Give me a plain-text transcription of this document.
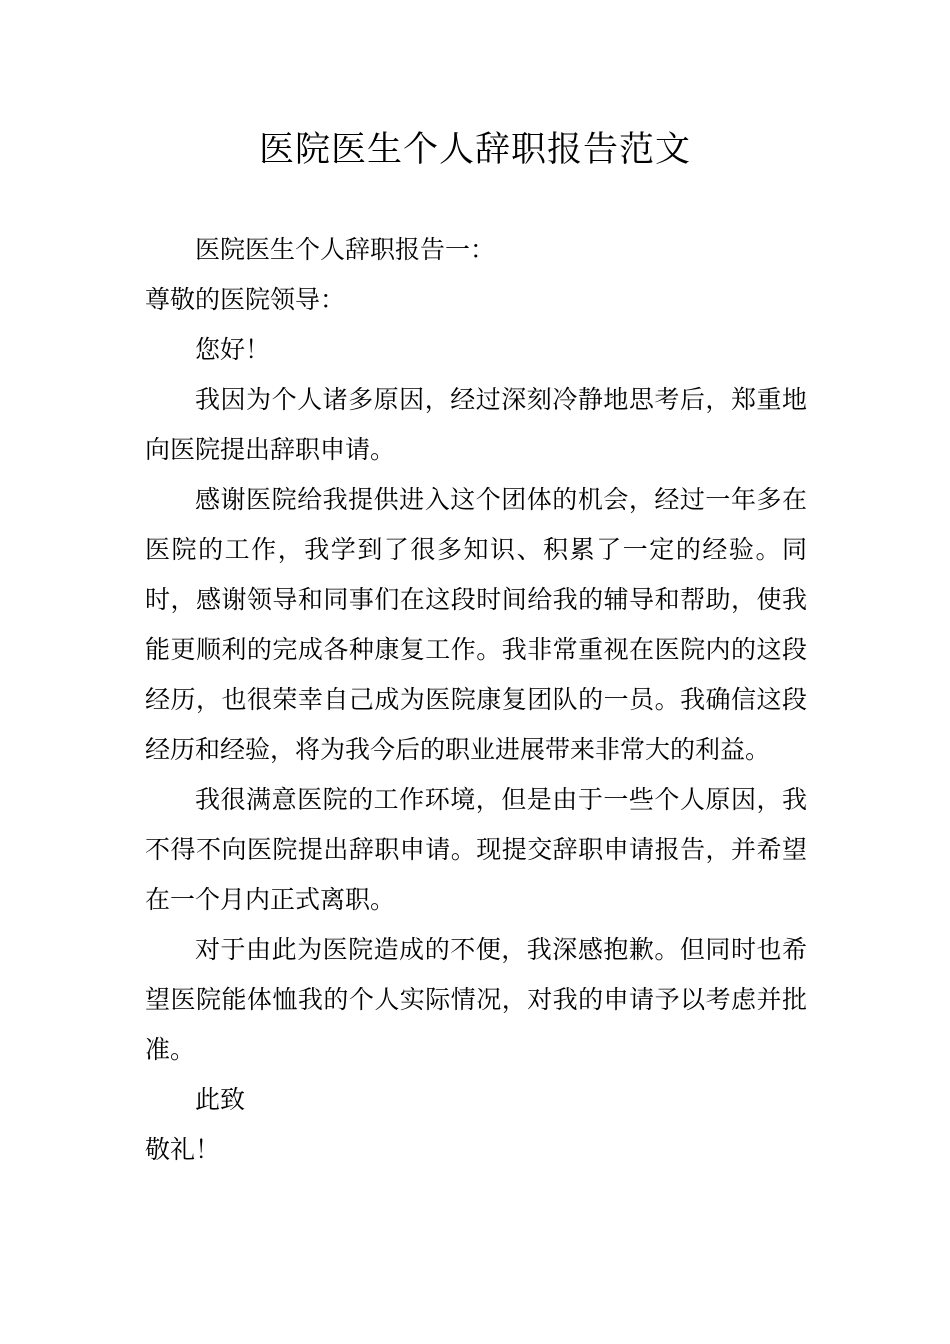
医院医生个人辞职报告范文

医院医生个人辞职报告一：

尊敬的医院领导：

您好！

我因为个人诸多原因，经过深刻冷静地思考后，郑重地向医院提出辞职申请。

感谢医院给我提供进入这个团体的机会，经过一年多在医院的工作，我学到了很多知识、积累了一定的经验。同时，感谢领导和同事们在这段时间给我的辅导和帮助，使我能更顺利的完成各种康复工作。我非常重视在医院内的这段经历，也很荣幸自己成为医院康复团队的一员。我确信这段经历和经验，将为我今后的职业进展带来非常大的利益。

我很满意医院的工作环境，但是由于一些个人原因，我不得不向医院提出辞职申请。现提交辞职申请报告，并希望在一个月内正式离职。

对于由此为医院造成的不便，我深感抱歉。但同时也希望医院能体恤我的个人实际情况，对我的申请予以考虑并批准。

此致

敬礼！
